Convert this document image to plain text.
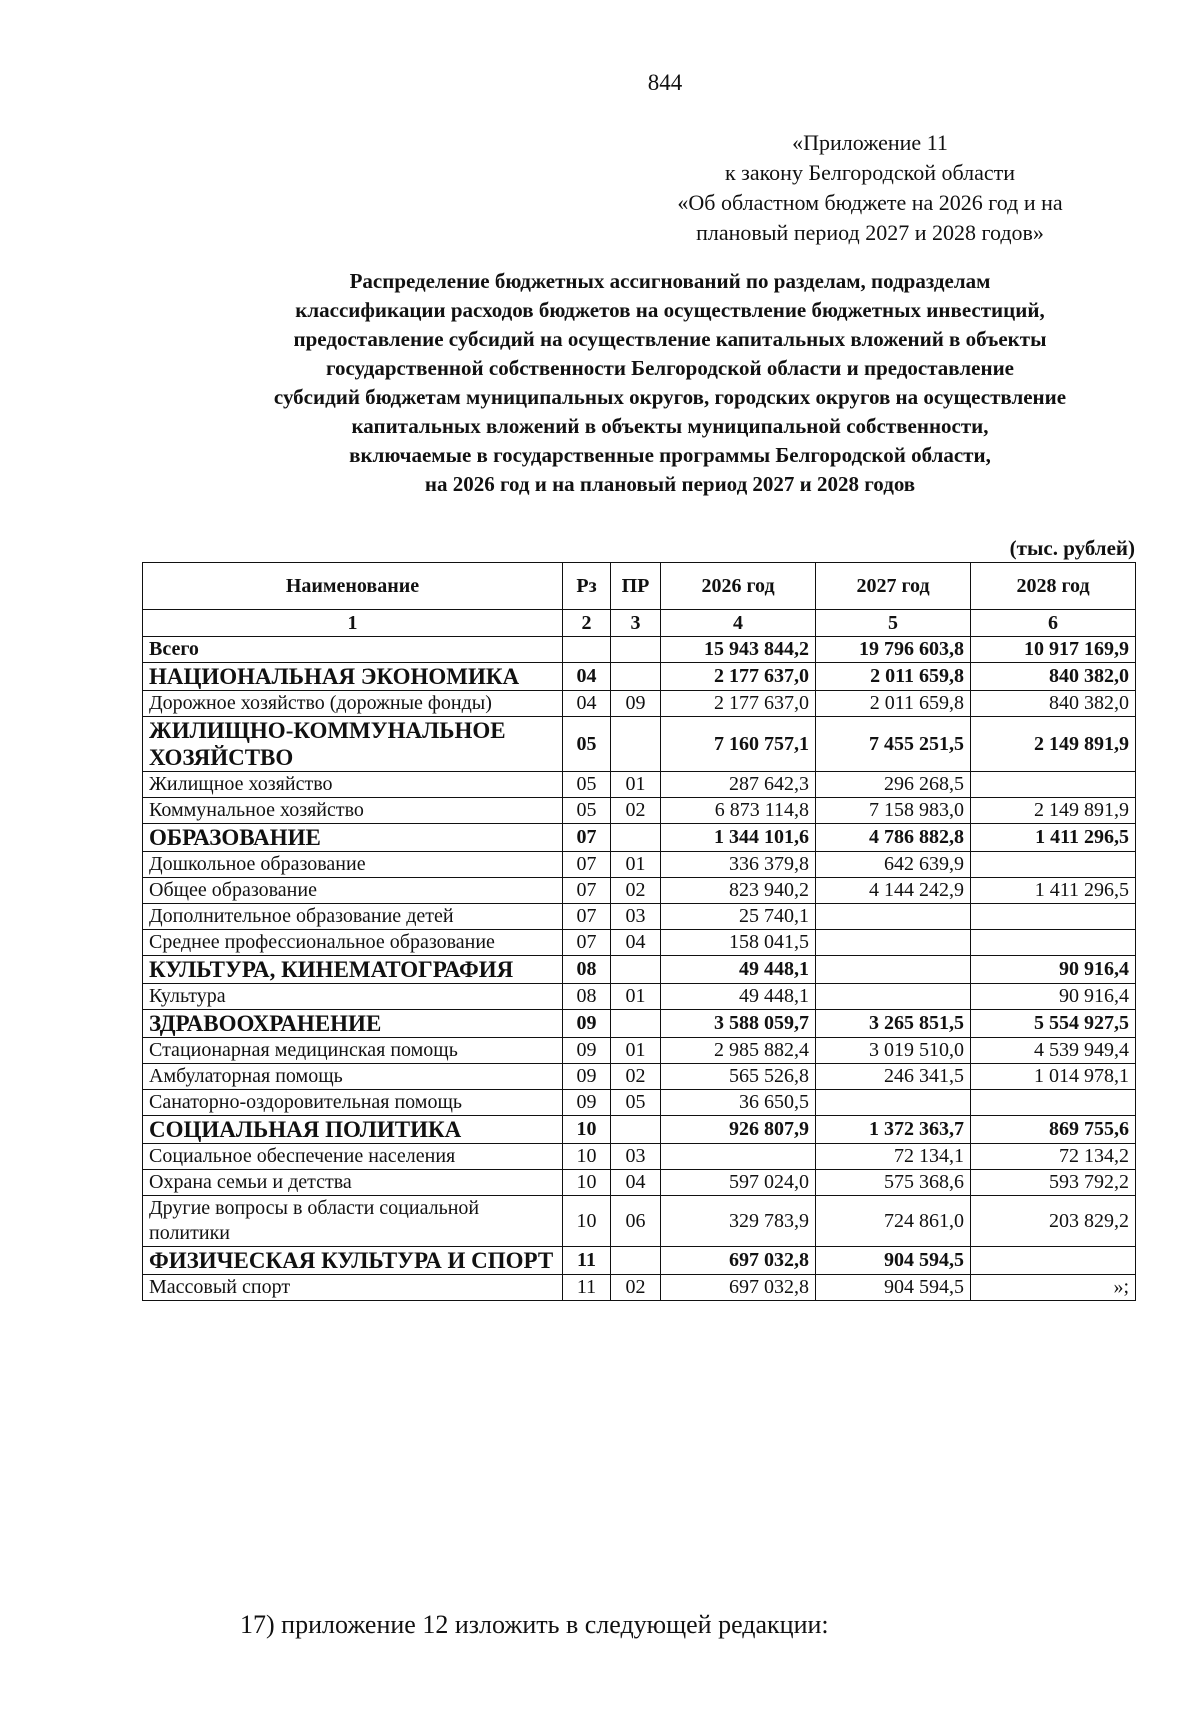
844
«Приложение 11
к закону Белгородской области
«Об областном бюджете на 2026 год и на
плановый период 2027 и 2028 годов»
Распределение бюджетных ассигнований по разделам, подразделам
классификации расходов бюджетов на осуществление бюджетных инвестиций,
предоставление субсидий на осуществление капитальных вложений в объекты
государственной собственности Белгородской области и предоставление
субсидий бюджетам муниципальных округов, городских округов на осуществление
капитальных вложений в объекты муниципальной собственности,
включаемые в государственные программы Белгородской области,
на 2026 год и на плановый период 2027 и 2028 годов
(тыс. рублей)
Наименование	Рз	ПР	2026 год	2027 год	2028 год
1	2	3	4	5	6
Всего			15 943 844,2	19 796 603,8	10 917 169,9
НАЦИОНАЛЬНАЯ ЭКОНОМИКА	04		2 177 637,0	2 011 659,8	840 382,0
Дорожное хозяйство (дорожные фонды)	04	09	2 177 637,0	2 011 659,8	840 382,0
ЖИЛИЩНО-КОММУНАЛЬНОЕ ХОЗЯЙСТВО	05		7 160 757,1	7 455 251,5	2 149 891,9
Жилищное хозяйство	05	01	287 642,3	296 268,5	
Коммунальное хозяйство	05	02	6 873 114,8	7 158 983,0	2 149 891,9
ОБРАЗОВАНИЕ	07		1 344 101,6	4 786 882,8	1 411 296,5
Дошкольное образование	07	01	336 379,8	642 639,9	
Общее образование	07	02	823 940,2	4 144 242,9	1 411 296,5
Дополнительное образование детей	07	03	25 740,1		
Среднее профессиональное образование	07	04	158 041,5		
КУЛЬТУРА, КИНЕМАТОГРАФИЯ	08		49 448,1		90 916,4
Культура	08	01	49 448,1		90 916,4
ЗДРАВООХРАНЕНИЕ	09		3 588 059,7	3 265 851,5	5 554 927,5
Стационарная медицинская помощь	09	01	2 985 882,4	3 019 510,0	4 539 949,4
Амбулаторная помощь	09	02	565 526,8	246 341,5	1 014 978,1
Санаторно-оздоровительная помощь	09	05	36 650,5		
СОЦИАЛЬНАЯ ПОЛИТИКА	10		926 807,9	1 372 363,7	869 755,6
Социальное обеспечение населения	10	03		72 134,1	72 134,2
Охрана семьи и детства	10	04	597 024,0	575 368,6	593 792,2
Другие вопросы в области социальной политики	10	06	329 783,9	724 861,0	203 829,2
ФИЗИЧЕСКАЯ КУЛЬТУРА И СПОРТ	11		697 032,8	904 594,5	
Массовый спорт	11	02	697 032,8	904 594,5	»;
17) приложение 12 изложить в следующей редакции:
